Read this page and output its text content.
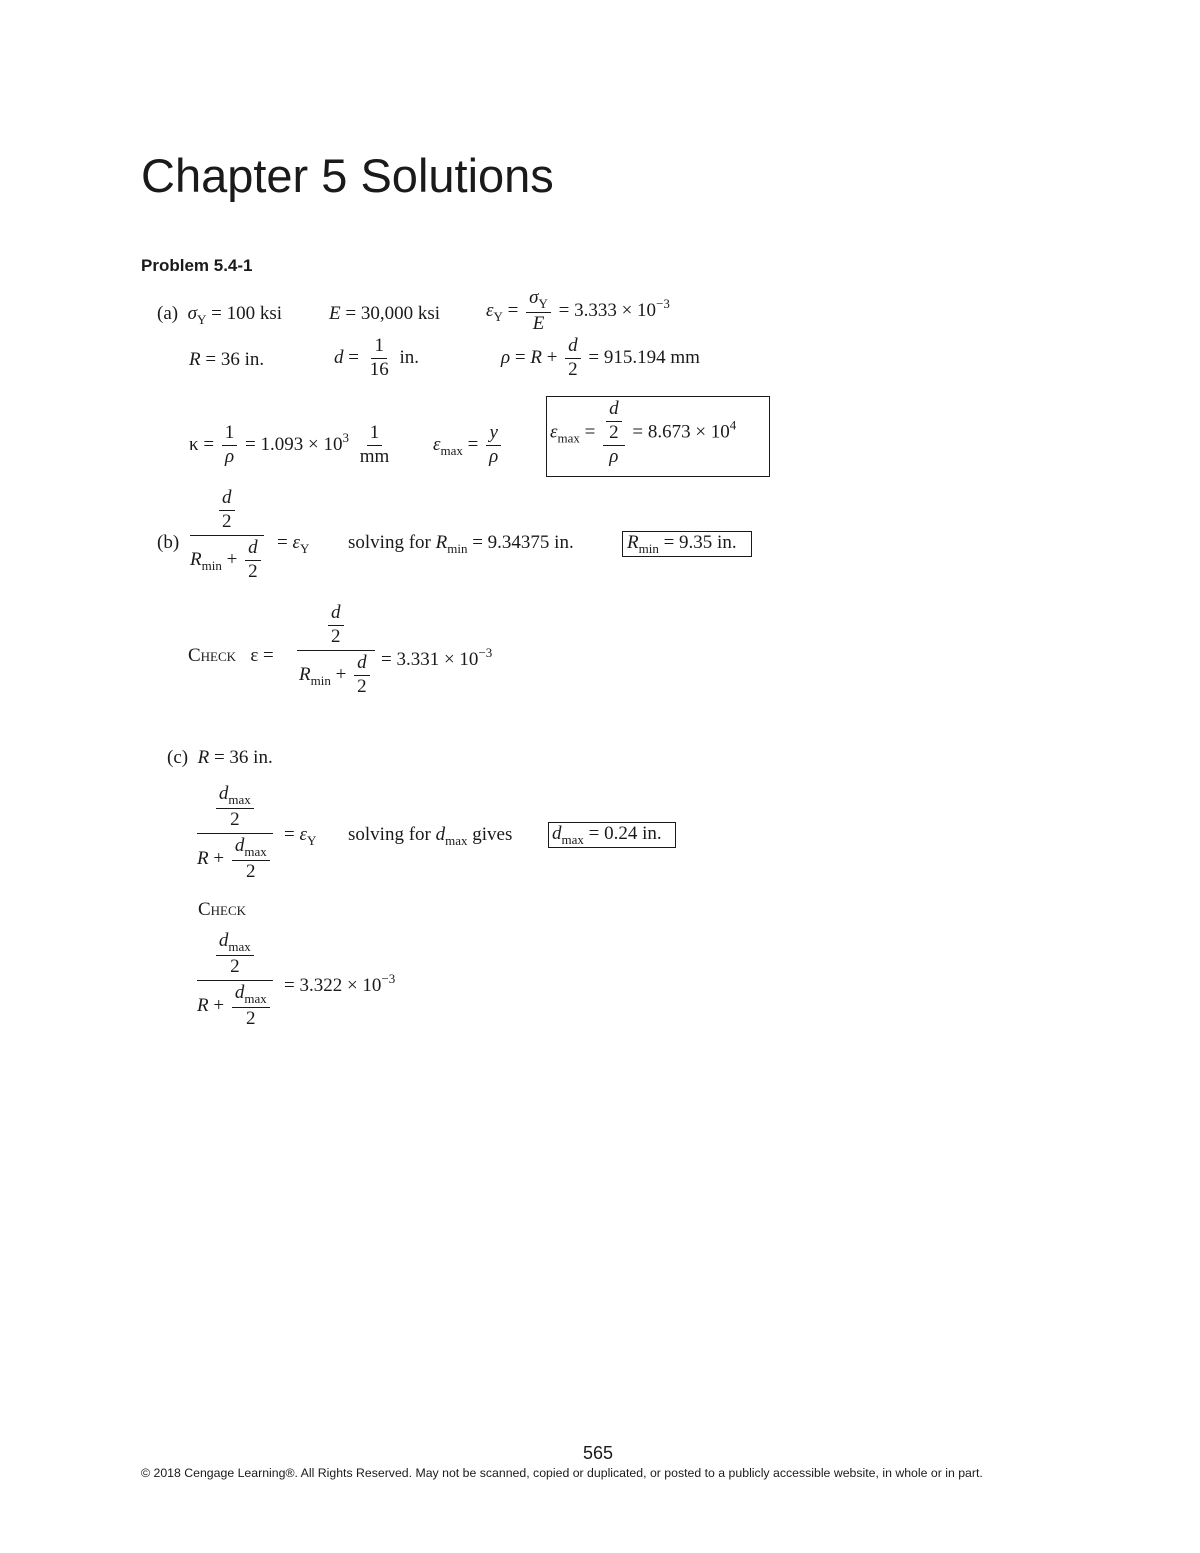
Chapter 5 Solutions
Problem 5.4-1
(a)  $\sigma_Y = 100$ ksi E = 30,000 ksi $\varepsilon_Y = \frac{\sigma_Y}{E} = 3.333 \times 10^{-3}$
R = 36 in.	$d = \frac{1}{16}$ in.	$\rho = R + \frac{d}{2} = 915.194$ mm
$\kappa = \frac{1}{\rho} = 1.093 \times 10^3 \frac{1}{mm} \varepsilon_{max} = \frac{y}{\rho}$	$\varepsilon_{max} = \frac{\frac{d}{2}}{\rho} = 8.673 \times 10^4$
(b)
$\frac{d}{2}$
$R_{min} + \frac{d}{2} = \varepsilon_Y$ solving for $R_{min} = 9.34375$ in.	$R_{min} = 9.35$ in.
Check   ε =
$\frac{d}{2}$
$R_{min} + \frac{d}{2} = 3.331 \times 10^{-3}$
(c) R = 36 in.
$\frac{d_{max}}{2}$
$R + \frac{d_{max}}{2}$
= $\varepsilon_Y$ solving for $d_{max}$ gives $d_{max} = 0.24$ in.
Check
$\frac{d_{max}}{2}$
$R + \frac{d_{max}}{2} = 3.322 \times 10^{-3}$
565
© 2018 Cengage Learning®. All Rights Reserved. May not be scanned, copied or duplicated, or posted to a publicly accessible website, in whole or in part.
